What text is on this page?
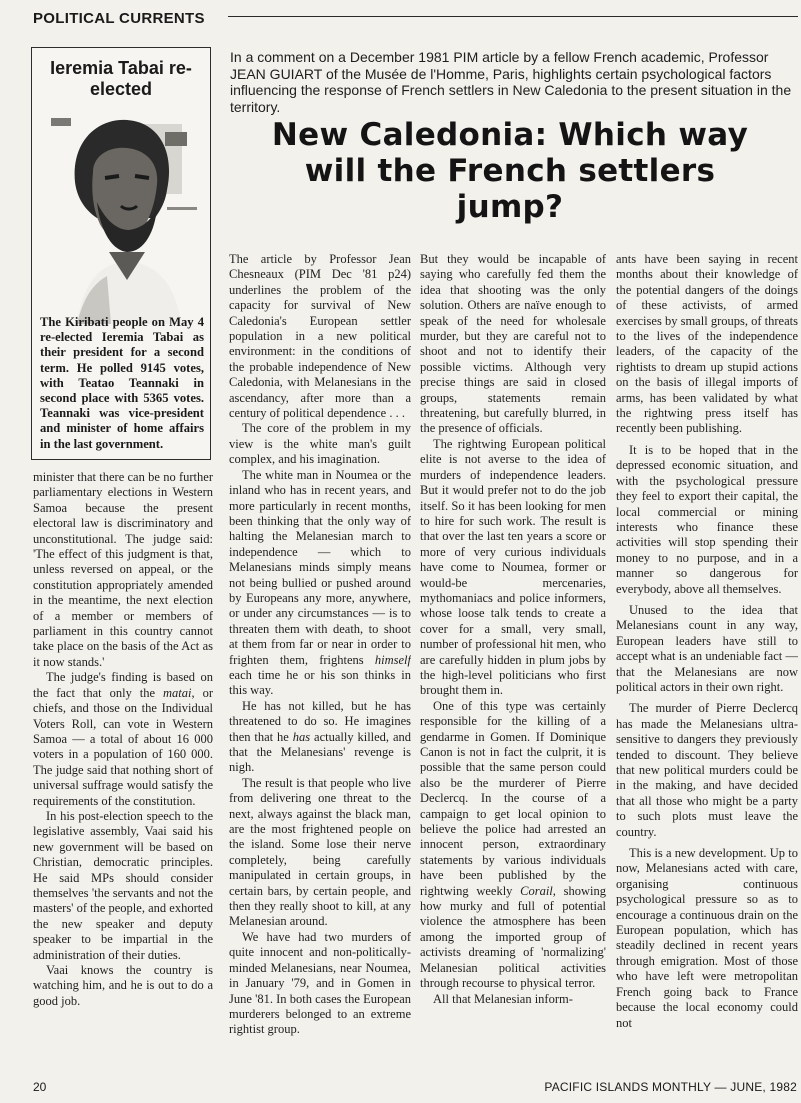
POLITICAL CURRENTS
Ieremia Tabai re-elected
The Kiribati people on May 4 re-elected Ieremia Tabai as their president for a second term. He polled 9145 votes, with Teatao Teannaki in second place with 5365 votes. Teannaki was vice-president and minister of home affairs in the last government.
In a comment on a December 1981 PIM article by a fellow French academic, Professor JEAN GUIART of the Musée de l'Homme, Paris, highlights certain psychological factors influencing the response of French settlers in New Caledonia to the present situation in the territory.
New Caledonia: Which way will the French settlers jump?

minister that there can be no further parliamentary elections in Western Samoa because the present electoral law is discriminatory and unconstitutional. The judge said: 'The effect of this judgment is that, unless reversed on appeal, or the constitution appropriately amended in the meantime, the next election of a member or members of parliament in this country cannot take place on the basis of the Act as it now stands.'

The judge's finding is based on the fact that only the matai, or chiefs, and those on the Individual Voters Roll, can vote in Western Samoa — a total of about 16 000 voters in a population of 160 000. The judge said that nothing short of universal suffrage would satisfy the requirements of the constitution.

In his post-election speech to the legislative assembly, Vaai said his new government will be based on Christian, democratic principles. He said MPs should consider themselves 'the servants and not the masters' of the people, and exhorted the new speaker and deputy speaker to be impartial in the administration of their duties.

Vaai knows the country is watching him, and he is out to do a good job.

The article by Professor Jean Chesneaux (PIM Dec '81 p24) underlines the problem of the capacity for survival of New Caledonia's European settler population in a new political environment: in the conditions of the probable independence of New Caledonia, with Melanesians in the ascendancy, after more than a century of political dependence . . .

The core of the problem in my view is the white man's guilt complex, and his imagination.

The white man in Noumea or the inland who has in recent years, and more particularly in recent months, been thinking that the only way of halting the Melanesian march to independence — which to Melanesians minds simply means not being bullied or pushed around by Europeans any more, anywhere, or under any circumstances — is to threaten them with death, to shoot at them from far or near in order to frighten them, frightens himself each time he or his son thinks in this way.

He has not killed, but he has threatened to do so. He imagines then that he has actually killed, and that the Melanesians' revenge is nigh.

The result is that people who live from delivering one threat to the next, always against the black man, are the most frightened people on the island. Some lose their nerve completely, being carefully manipulated in certain groups, in certain bars, by certain people, and then they really shoot to kill, at any Melanesian around.

We have had two murders of quite innocent and non-politically-minded Melanesians, near Noumea, in January '79, and in Gomen in June '81. In both cases the European murderers belonged to an extreme rightist group.

But they would be incapable of saying who carefully fed them the idea that shooting was the only solution. Others are naïve enough to speak of the need for wholesale murder, but they are careful not to shoot and not to identify their possible victims. Although very precise things are said in closed groups, statements remain threatening, but carefully blurred, in the presence of officials.

The rightwing European political elite is not averse to the idea of murders of independence leaders. But it would prefer not to do the job itself. So it has been looking for men to hire for such work. The result is that over the last ten years a score or more of very curious individuals have come to Noumea, former or would-be mercenaries, mythomaniacs and police informers, whose loose talk tends to create a cover for a small, very small, number of professional hit men, who are carefully hidden in plum jobs by the high-level politicians who first brought them in.

One of this type was certainly responsible for the killing of a gendarme in Gomen. If Dominique Canon is not in fact the culprit, it is possible that the same person could also be the murderer of Pierre Declercq. In the course of a campaign to get local opinion to believe the police had arrested an innocent person, extraordinary statements by various individuals have been published by the rightwing weekly Corail, showing how murky and full of potential violence the atmosphere has been among the imported group of activists dreaming of 'normalizing' Melanesian political activities through recourse to physical terror.

All that Melanesian inform-

ants have been saying in recent months about their knowledge of the potential dangers of the doings of these activists, of armed exercises by small groups, of threats to the lives of the independence leaders, of the capacity of the rightists to dream up stupid actions on the basis of illegal imports of arms, has been validated by what the rightwing press itself has recently been publishing.

It is to be hoped that in the depressed economic situation, and with the psychological pressure they feel to export their capital, the local commercial or mining interests who finance these activities will stop spending their money to no purpose, and in a manner so dangerous for everybody, above all themselves.

Unused to the idea that Melanesians count in any way, European leaders have still to accept what is an undeniable fact — that the Melanesians are now political actors in their own right.

The murder of Pierre Declercq has made the Melanesians ultra-sensitive to dangers they previously tended to discount. They believe that new political murders could be in the making, and have decided that all those who might be a party to such plots must leave the country.

This is a new development. Up to now, Melanesians acted with care, organising continuous psychological pressure so as to encourage a continuous drain on the European population, which has steadily declined in recent years through emigration. Most of those who have left were metropolitan French going back to France because the local economy could not

20	PACIFIC ISLANDS MONTHLY — JUNE, 1982
